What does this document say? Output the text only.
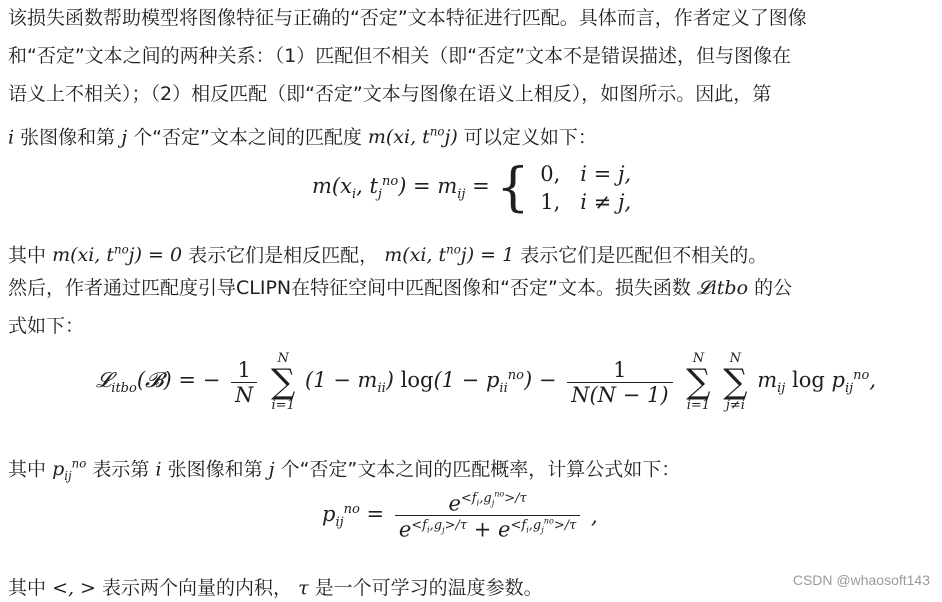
该损失函数帮助模型将图像特征与正确的“否定”文本特征进行匹配。具体而言，作者定义了图像
和“否定”文本之间的两种关系：（1）匹配但不相关（即“否定”文本不是错误描述，但与图像在
语义上不相关）；（2）相反匹配（即“否定”文本与图像在语义上相反），如图所示。因此，第
i 张图像和第 j 个“否定”文本之间的匹配度 m(xi, $t^{no}j$) 可以定义如下：
$m(x_i$, $t_j^{no}) = m_{ij}$ = { 0, i = j,
1, i ≠ j,
其中 m(xi, $t^{no}j) = 0$ 表示它们是相反匹配， m(xi, $t^{no}j) = 1$ 表示它们是匹配但不相关的。
然后，作者通过匹配度引导CLIPN在特征空间中匹配图像和“否定”文本。损失函数 𝓛itbo 的公
式如下：
𝓛$_{itbo}$(𝓑) = − $\frac{1}{N}$
	N
∑
i=1
$(1 - m_{ii})$ $\log(1 - p_{ii}^{no}) - \frac{1}{N(N - 1)}$
	N
∑
i=1

N
∑
j≠i
$m_{ij}$ $\log p_{ij}^{no}$,
其中 $p_{ij}^{no}$ 表示第 i 张图像和第 j 个“否定”文本之间的匹配概率，计算公式如下：
$p_{ij}^{no} = \frac{e^{<f_i,g_j^{no}>/\tau}}{e^{<f_i,g_j>/\tau} + e^{<f_i,g_j^{no}>/\tau}}$ ,
其中 <, > 表示两个向量的内积， τ 是一个可学习的温度参数。	CSDN @whaosoft143
